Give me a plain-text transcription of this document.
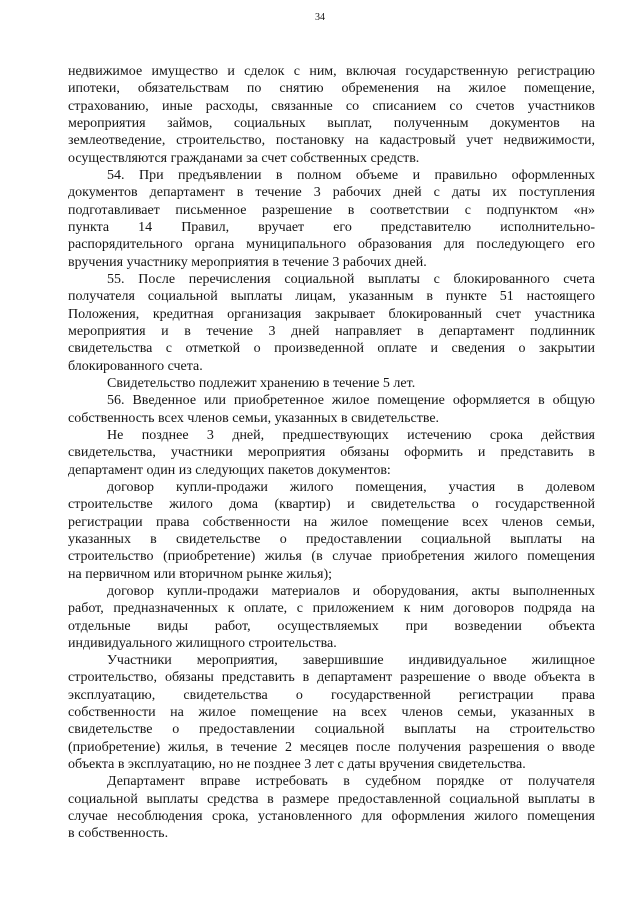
34
недвижимое имущество и сделок с ним, включая государственную регистрацию
ипотеки, обязательствам по снятию обременения на жилое помещение,
страхованию, иные расходы, связанные со списанием со счетов участников
мероприятия займов, социальных выплат, полученным документов на
землеотведение, строительство, постановку на кадастровый учет недвижимости,
осуществляются гражданами за счет собственных средств.
54. При предъявлении в полном объеме и правильно оформленных
документов департамент в течение 3 рабочих дней с даты их поступления
подготавливает письменное разрешение в соответствии с подпунктом «н»
пункта 14 Правил, вручает его представителю исполнительно-
распорядительного органа муниципального образования для последующего его
вручения участнику мероприятия в течение 3 рабочих дней.
55. После перечисления социальной выплаты с блокированного счета
получателя социальной выплаты лицам, указанным в пункте 51 настоящего
Положения, кредитная организация закрывает блокированный счет участника
мероприятия и в течение 3 дней направляет в департамент подлинник
свидетельства с отметкой о произведенной оплате и сведения о закрытии
блокированного счета.
Свидетельство подлежит хранению в течение 5 лет.
56. Введенное или приобретенное жилое помещение оформляется в общую
собственность всех членов семьи, указанных в свидетельстве.
Не позднее 3 дней, предшествующих истечению срока действия
свидетельства, участники мероприятия обязаны оформить и представить в
департамент один из следующих пакетов документов:
договор купли-продажи жилого помещения, участия в долевом
строительстве жилого дома (квартир) и свидетельства о государственной
регистрации права собственности на жилое помещение всех членов семьи,
указанных в свидетельстве о предоставлении социальной выплаты на
строительство (приобретение) жилья (в случае приобретения жилого помещения
на первичном или вторичном рынке жилья);
договор купли-продажи материалов и оборудования, акты выполненных
работ, предназначенных к оплате, с приложением к ним договоров подряда на
отдельные виды работ, осуществляемых при возведении объекта
индивидуального жилищного строительства.
Участники мероприятия, завершившие индивидуальное жилищное
строительство, обязаны представить в департамент разрешение о вводе объекта в
эксплуатацию, свидетельства о государственной регистрации права
собственности на жилое помещение на всех членов семьи, указанных в
свидетельстве о предоставлении социальной выплаты на строительство
(приобретение) жилья, в течение 2 месяцев после получения разрешения о вводе
объекта в эксплуатацию, но не позднее 3 лет с даты вручения свидетельства.
Департамент вправе истребовать в судебном порядке от получателя
социальной выплаты средства в размере предоставленной социальной выплаты в
случае несоблюдения срока, установленного для оформления жилого помещения
в собственность.
